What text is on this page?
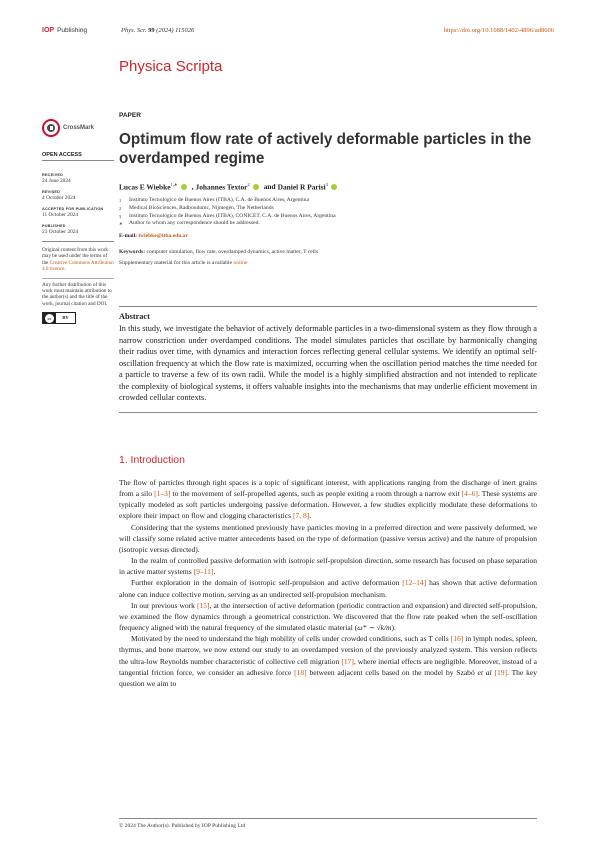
IOP Publishing	Phys. Scr. 99 (2024) 115026	https://doi.org/10.1088/1402-4896/ad8606
Physica Scripta
CrossMark
OPEN ACCESS
RECEIVED
24 June 2024
REVISED
4 October 2024
ACCEPTED FOR PUBLICATION
11 October 2024
PUBLISHED
23 October 2024

Original content from this work may be used under the terms of the Creative Commons Attribution 4.0 licence.

Any further distribution of this work must maintain attribution to the author(s) and the title of the work, journal citation and DOI.

cc	BY
PAPER
Optimum flow rate of actively deformable particles in the overdamped regime
Lucas E Wiebke$^{1,∗}$ , Johannes Textor$^2$ and Daniel R Parisi$^3$
1	Instituto Tecnológico de Buenos Aires (ITBA), C.A. de Buenos Aires, Argentina
2	Medical BioSciences, Radboudumc, Nijmegen, The Netherlands
3	Instituto Tecnológico de Buenos Aires (ITBA), CONICET, C.A. de Buenos Aires, Argentina
∗	Author to whom any correspondence should be addressed.
E-mail: lwiebke@itba.edu.ar
Keywords: computer simulation, flow rate, overdamped dynamics, active matter, T cells
Supplementary material for this article is available online
Abstract
In this study, we investigate the behavior of actively deformable particles in a two-dimensional system as they flow through a narrow constriction under overdamped conditions. The model simulates particles that oscillate by harmonically changing their radius over time, with dynamics and interaction forces reflecting general cellular systems. We identify an optimal self-oscillation frequency at which the flow rate is maximized, occurring when the oscillation period matches the time needed for a particle to traverse a few of its own radii. While the model is a highly simplified abstraction and not intended to replicate the complexity of biological systems, it offers valuable insights into the mechanisms that may underlie efficient movement in crowded cellular contexts.
1. Introduction

The flow of particles through tight spaces is a topic of significant interest, with applications ranging from the discharge of inert grains from a silo [1–3] to the movement of self-propelled agents, such as people exiting a room through a narrow exit [4–6]. These systems are typically modeled as soft particles undergoing passive deformation. However, a few studies explicitly modulate these deformations to explore their impact on flow and clogging characteristics [7, 8].

Considering that the systems mentioned previously have particles moving in a preferred direction and were passively deformed, we will classify some related active matter antecedents based on the type of deformation (passive versus active) and the nature of propulsion (isotropic versus directed).

In the realm of controlled passive deformation with isotropic self-propulsion direction, some research has focused on phase separation in active matter systems [9–11].

Further exploration in the domain of isotropic self-propulsion and active deformation [12–14] has shown that active deformation alone can induce collective motion, serving as an undirected self-propulsion mechanism.

In our previous work [15], at the intersection of active deformation (periodic contraction and expansion) and directed self-propulsion, we examined the flow dynamics through a geometrical constriction. We discovered that the flow rate peaked when the self-oscillation frequency aligned with the natural frequency of the simulated elastic material (ω* ∼ √k/m).

Motivated by the need to understand the high mobility of cells under crowded conditions, such as T cells [16] in lymph nodes, spleen, thymus, and bone marrow, we now extend our study to an overdamped version of the previously analyzed system. This version reflects the ultra-low Reynolds number characteristic of collective cell migration [17], where inertial effects are negligible. Moreover, instead of a tangential friction force, we consider an adhesive force [18] between adjacent cells based on the model by Szabó et al [19]. The key question we aim to

© 2024 The Author(s). Published by IOP Publishing Ltd
